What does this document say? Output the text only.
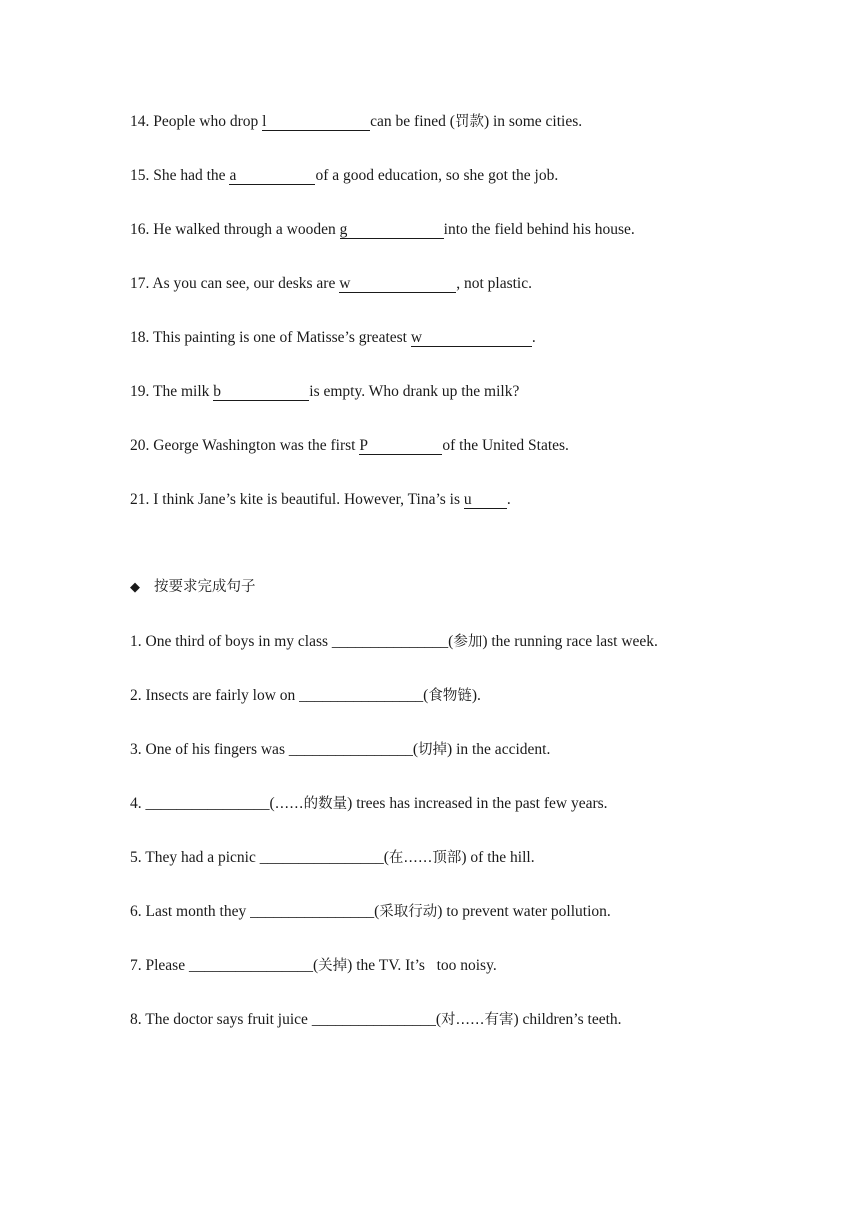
14. People who drop l	can be fined (罚款) in some cities.
15. She had the a	of a good education, so she got the job.
16. He walked through a wooden g	into the field behind his house.
17. As you can see, our desks are w	, not plastic.
18. This painting is one of Matisse’s greatest w	.
19. The milk b	is empty. Who drank up the milk?
20. George Washington was the first P	of the United States.
21. I think Jane’s kite is beautiful. However, Tina’s is u .
◆ 按要求完成句子
1. One third of boys in my class _______________(参加) the running race last week.
2. Insects are fairly low on ________________(食物链).
3. One of his fingers was ________________(切掉) in the accident.
4. ________________(……的数量) trees has increased in the past few years.
5. They had a picnic ________________(在……顶部) of the hill.
6. Last month they ________________(采取行动) to prevent water pollution.
7. Please ________________(关掉) the TV. It’s   too noisy.
8. The doctor says fruit juice ________________(对……有害) children’s teeth.
